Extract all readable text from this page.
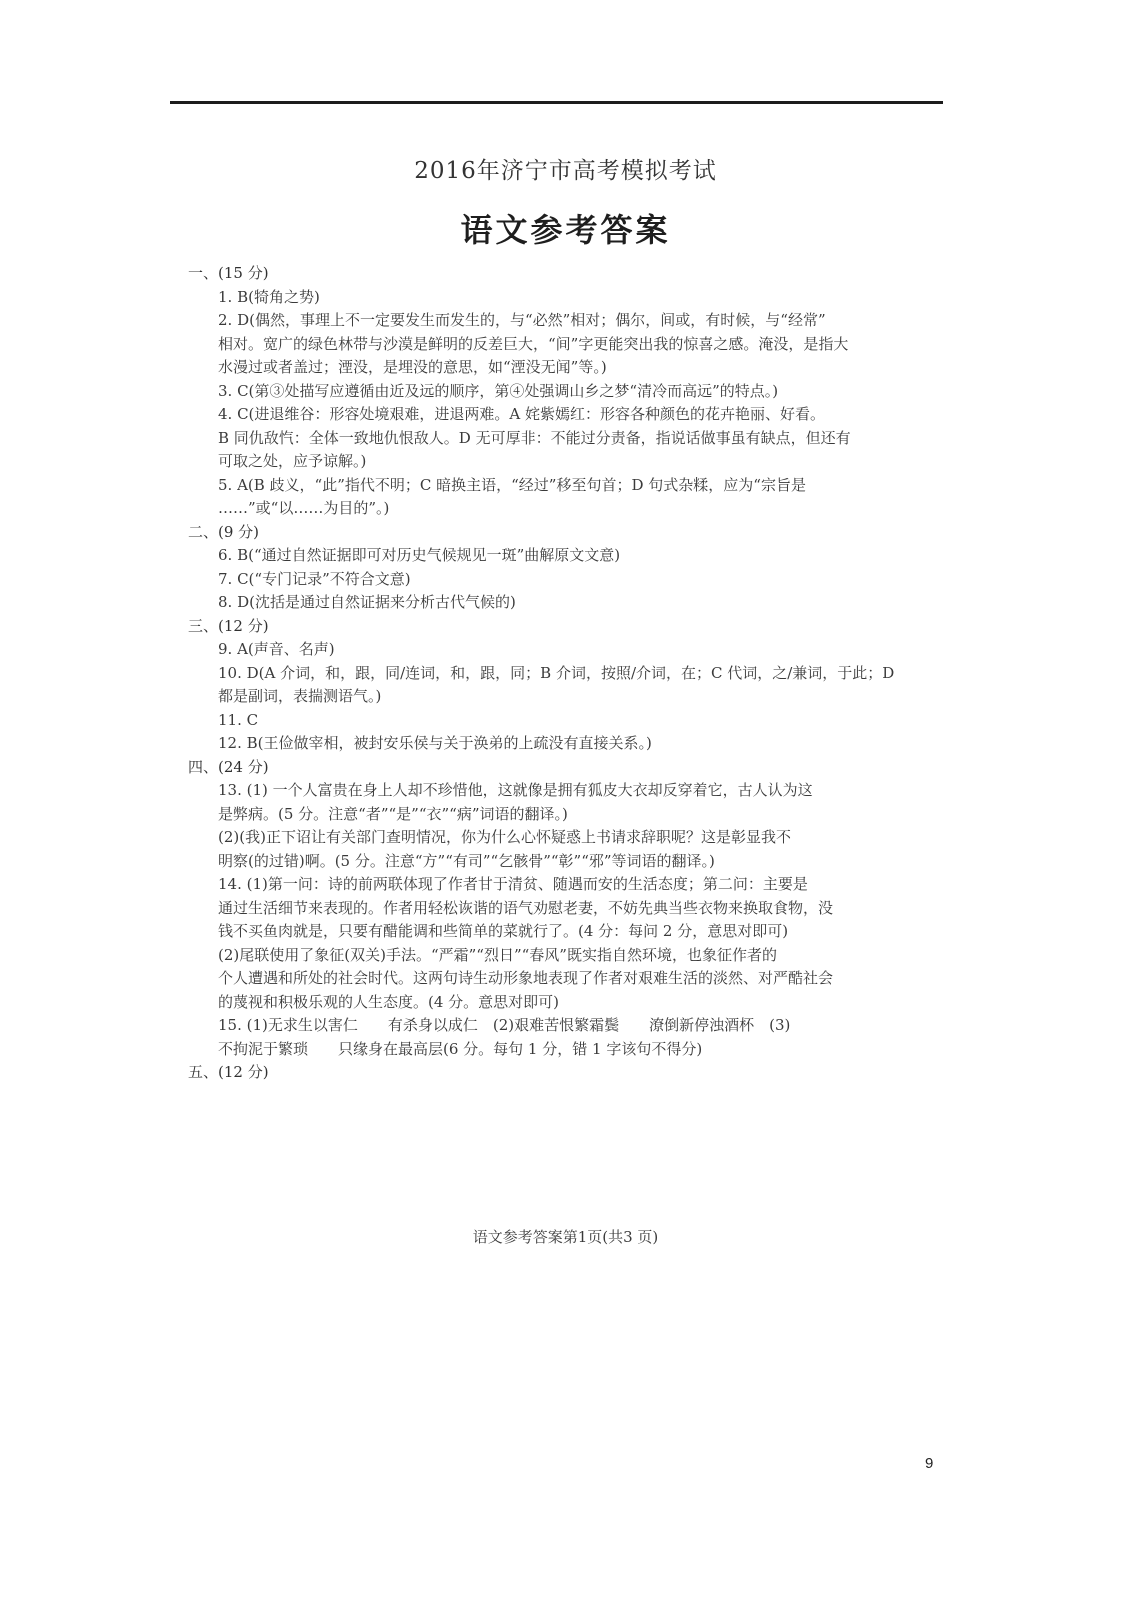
2016年济宁市高考模拟考试
语文参考答案
一、(15 分)
1. B(犄角之势)
2. D(偶然，事理上不一定要发生而发生的，与“必然”相对；偶尔，间或，有时候，与“经常”
相对。宽广的绿色林带与沙漠是鲜明的反差巨大，“间”字更能突出我的惊喜之感。淹没，是指大
水漫过或者盖过；湮没，是埋没的意思，如“湮没无闻”等。)
3. C(第③处描写应遵循由近及远的顺序，第④处强调山乡之梦“清冷而高远”的特点。)
4. C(进退维谷：形容处境艰难，进退两难。A 姹紫嫣红：形容各种颜色的花卉艳丽、好看。
B 同仇敌忾：全体一致地仇恨敌人。D 无可厚非：不能过分责备，指说话做事虽有缺点，但还有
可取之处，应予谅解。)
5. A(B 歧义，“此”指代不明；C 暗换主语，“经过”移至句首；D 句式杂糅，应为“宗旨是
……”或“以……为目的”。)
二、(9 分)
6. B(“通过自然证据即可对历史气候规见一斑”曲解原文文意)
7. C(“专门记录”不符合文意)
8. D(沈括是通过自然证据来分析古代气候的)
三、(12 分)
9. A(声音、名声)
10. D(A 介词，和，跟，同/连词，和，跟，同；B 介词，按照/介词，在；C 代词，之/兼词，于此；D
都是副词，表揣测语气。)
11. C
12. B(王俭做宰相，被封安乐侯与关于涣弟的上疏没有直接关系。)
四、(24 分)
13. (1) 一个人富贵在身上人却不珍惜他，这就像是拥有狐皮大衣却反穿着它，古人认为这
是弊病。(5 分。注意“者”“是”“衣”“病”词语的翻译。)
(2)(我)正下诏让有关部门查明情况，你为什么心怀疑惑上书请求辞职呢？这是彰显我不
明察(的过错)啊。(5 分。注意“方”“有司”“乞骸骨”“彰”“邪”等词语的翻译。)
14. (1)第一问：诗的前两联体现了作者甘于清贫、随遇而安的生活态度；第二问：主要是
通过生活细节来表现的。作者用轻松诙谐的语气劝慰老妻，不妨先典当些衣物来换取食物，没
钱不买鱼肉就是，只要有醋能调和些简单的菜就行了。(4 分：每问 2 分，意思对即可)
(2)尾联使用了象征(双关)手法。“严霜”“烈日”“春风”既实指自然环境，也象征作者的
个人遭遇和所处的社会时代。这两句诗生动形象地表现了作者对艰难生活的淡然、对严酷社会
的蔑视和积极乐观的人生态度。(4 分。意思对即可)
15. (1)无求生以害仁　　有杀身以成仁　(2)艰难苦恨繁霜鬓　　潦倒新停浊酒杯　(3)
不拘泥于繁琐　　只缘身在最高层(6 分。每句 1 分，错 1 字该句不得分)
五、(12 分)
语文参考答案第1页(共3 页)
9
